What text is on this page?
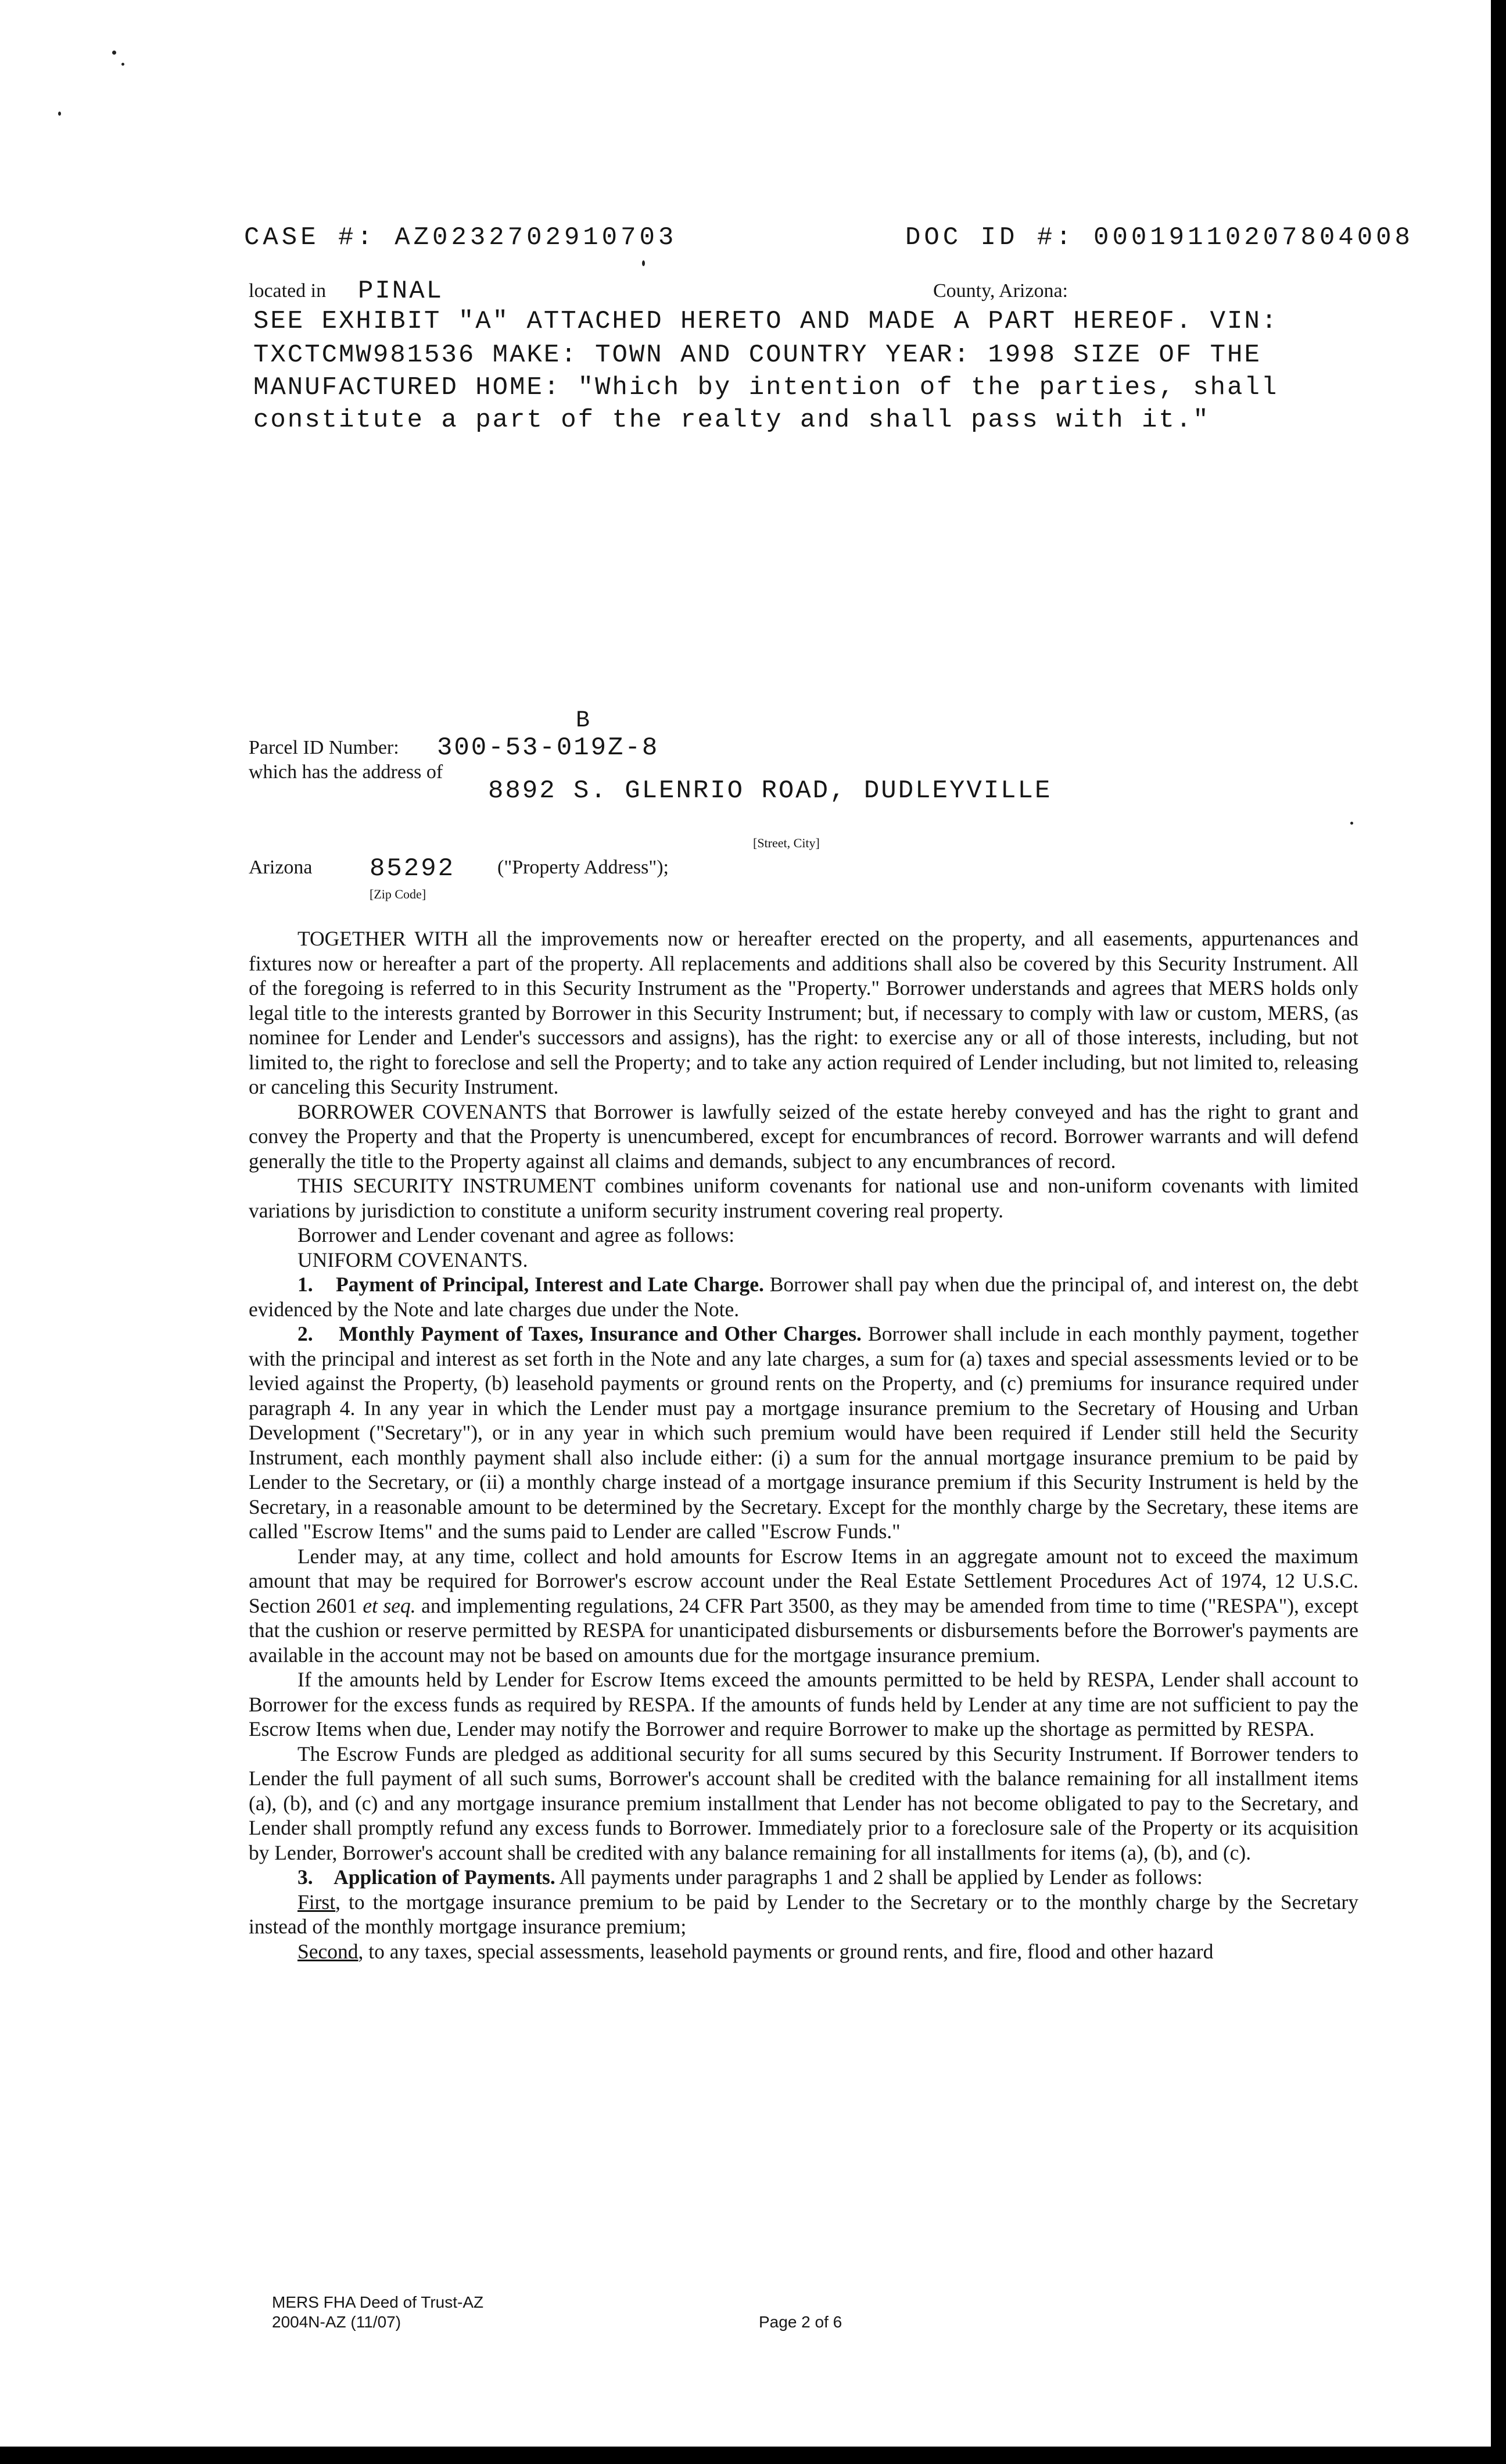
CASE #: AZ0232702910703	DOC ID #: 00019110207804008
located in PINAL	County, Arizona:
SEE EXHIBIT "A" ATTACHED HERETO AND MADE A PART HEREOF. VIN:
TXCTCMW981536 MAKE: TOWN AND COUNTRY YEAR: 1998 SIZE OF THE
MANUFACTURED HOME: "Which by intention of the parties, shall
constitute a part of the realty and shall pass with it."
B
Parcel ID Number: 300-53-019Z-8
which has the address of
8892 S. GLENRIO ROAD, DUDLEYVILLE
[Street, City]
Arizona 85292
[Zip Code]
("Property Address");

TOGETHER WITH all the improvements now or hereafter erected on the property, and all easements, appurtenances and fixtures now or hereafter a part of the property. All replacements and additions shall also be covered by this Security Instrument. All of the foregoing is referred to in this Security Instrument as the "Property." Borrower understands and agrees that MERS holds only legal title to the interests granted by Borrower in this Security Instrument; but, if necessary to comply with law or custom, MERS, (as nominee for Lender and Lender's successors and assigns), has the right: to exercise any or all of those interests, including, but not limited to, the right to foreclose and sell the Property; and to take any action required of Lender including, but not limited to, releasing or canceling this Security Instrument.

BORROWER COVENANTS that Borrower is lawfully seized of the estate hereby conveyed and has the right to grant and convey the Property and that the Property is unencumbered, except for encumbrances of record. Borrower warrants and will defend generally the title to the Property against all claims and demands, subject to any encumbrances of record.

THIS SECURITY INSTRUMENT combines uniform covenants for national use and non-uniform covenants with limited variations by jurisdiction to constitute a uniform security instrument covering real property.

Borrower and Lender covenant and agree as follows:

UNIFORM COVENANTS.

1. Payment of Principal, Interest and Late Charge. Borrower shall pay when due the principal of, and interest on, the debt evidenced by the Note and late charges due under the Note.

2. Monthly Payment of Taxes, Insurance and Other Charges. Borrower shall include in each monthly payment, together with the principal and interest as set forth in the Note and any late charges, a sum for (a) taxes and special assessments levied or to be levied against the Property, (b) leasehold payments or ground rents on the Property, and (c) premiums for insurance required under paragraph 4. In any year in which the Lender must pay a mortgage insurance premium to the Secretary of Housing and Urban Development ("Secretary"), or in any year in which such premium would have been required if Lender still held the Security Instrument, each monthly payment shall also include either: (i) a sum for the annual mortgage insurance premium to be paid by Lender to the Secretary, or (ii) a monthly charge instead of a mortgage insurance premium if this Security Instrument is held by the Secretary, in a reasonable amount to be determined by the Secretary. Except for the monthly charge by the Secretary, these items are called "Escrow Items" and the sums paid to Lender are called "Escrow Funds."

Lender may, at any time, collect and hold amounts for Escrow Items in an aggregate amount not to exceed the maximum amount that may be required for Borrower's escrow account under the Real Estate Settlement Procedures Act of 1974, 12 U.S.C. Section 2601 et seq. and implementing regulations, 24 CFR Part 3500, as they may be amended from time to time ("RESPA"), except that the cushion or reserve permitted by RESPA for unanticipated disbursements or disbursements before the Borrower's payments are available in the account may not be based on amounts due for the mortgage insurance premium.

If the amounts held by Lender for Escrow Items exceed the amounts permitted to be held by RESPA, Lender shall account to Borrower for the excess funds as required by RESPA. If the amounts of funds held by Lender at any time are not sufficient to pay the Escrow Items when due, Lender may notify the Borrower and require Borrower to make up the shortage as permitted by RESPA.

The Escrow Funds are pledged as additional security for all sums secured by this Security Instrument. If Borrower tenders to Lender the full payment of all such sums, Borrower's account shall be credited with the balance remaining for all installment items (a), (b), and (c) and any mortgage insurance premium installment that Lender has not become obligated to pay to the Secretary, and Lender shall promptly refund any excess funds to Borrower. Immediately prior to a foreclosure sale of the Property or its acquisition by Lender, Borrower's account shall be credited with any balance remaining for all installments for items (a), (b), and (c).

3. Application of Payments. All payments under paragraphs 1 and 2 shall be applied by Lender as follows:

First, to the mortgage insurance premium to be paid by Lender to the Secretary or to the monthly charge by the Secretary instead of the monthly mortgage insurance premium;

Second, to any taxes, special assessments, leasehold payments or ground rents, and fire, flood and other hazard

MERS FHA Deed of Trust-AZ
2004N-AZ (11/07)	Page 2 of 6
